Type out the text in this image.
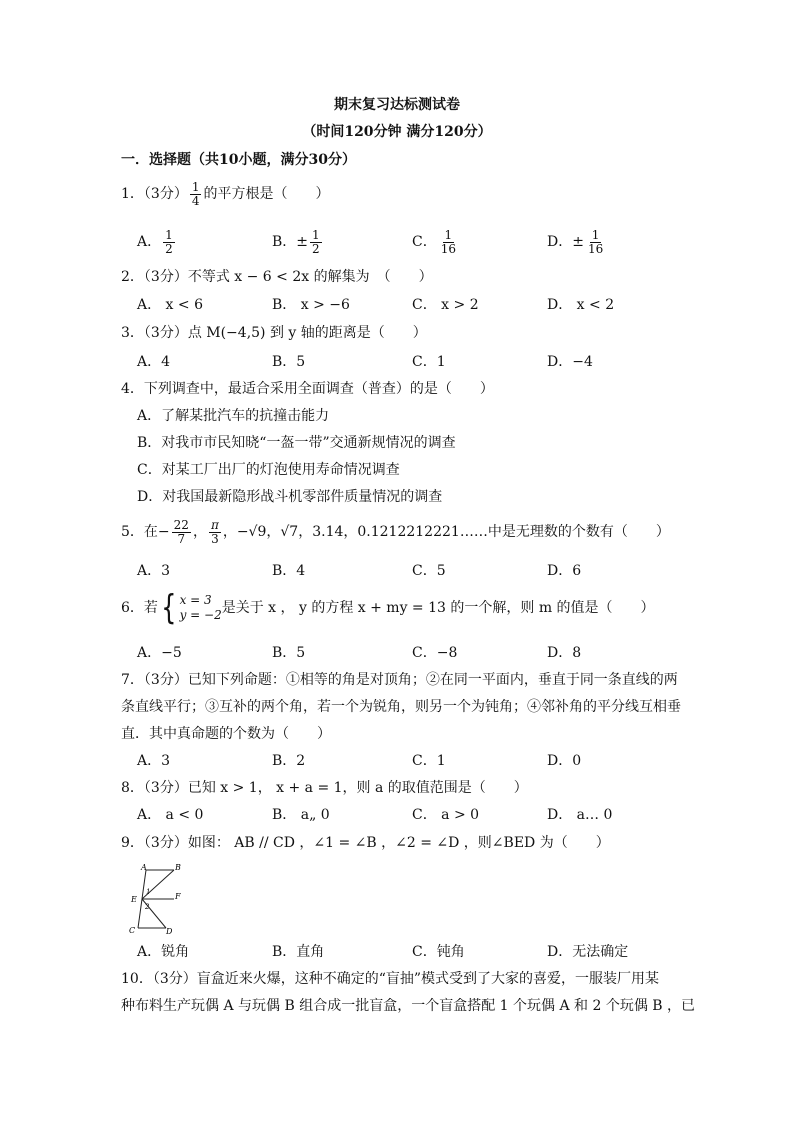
期末复习达标测试卷
（时间120分钟 满分120分）
一．选择题（共10小题，满分30分）
1．（3分） $\frac{1}{4}$ 的平方根是（　　）
A． $\frac{1}{2}$	B．± $\frac{1}{2}$	C． $\frac{1}{16}$	D．± $\frac{1}{16}$
2．（3分）不等式 x − 6 < 2x 的解集为　（　　）
A． x < 6	B． x > −6	C． x > 2	D． x < 2
3．（3分）点 M(−4,5) 到 y 轴的距离是（　　）
A．4	B．5	C．1	D．−4
4．下列调查中，最适合采用全面调查（普查）的是（　　）
A．了解某批汽车的抗撞击能力
B．对我市市民知晓“一盔一带”交通新规情况的调查
C．对某工厂出厂的灯泡使用寿命情况调查
D．对我国最新隐形战斗机零部件质量情况的调查
5．在− $\frac{22}{7}$ ， $\frac{\pi}{3}$ ，−√9，√7，3.14，0.1212212221……中是无理数的个数有（　　）
A．3	B．4	C．5	D．6
6．若 { x = 3
y = −2 是关于 x ， y 的方程 x + my = 13 的一个解，则 m 的值是（　　）
A．−5	B．5	C．−8	D．8
7．（3分）已知下列命题：①相等的角是对顶角；②在同一平面内，垂直于同一条直线的两
条直线平行；③互补的两个角，若一个为锐角，则另一个为钝角；④邻补角的平分线互相垂
直．其中真命题的个数为（　　）
A．3	B．2	C．1	D．0
8．（3分）已知 x > 1， x + a = 1，则 a 的取值范围是（　　）
A． a < 0	B． a„ 0	C． a > 0	D． a… 0
9．（3分）如图： AB // CD ，∠1 = ∠B ，∠2 = ∠D ，则∠BED 为（　　）
A	B
E	F
C	D
1
2
A．锐角	B．直角	C．钝角	D．无法确定
10．（3分）盲盒近来火爆，这种不确定的“盲抽”模式受到了大家的喜爱，一服装厂用某
种布料生产玩偶 A 与玩偶 B 组合成一批盲盒，一个盲盒搭配 1 个玩偶 A 和 2 个玩偶 B ，已
